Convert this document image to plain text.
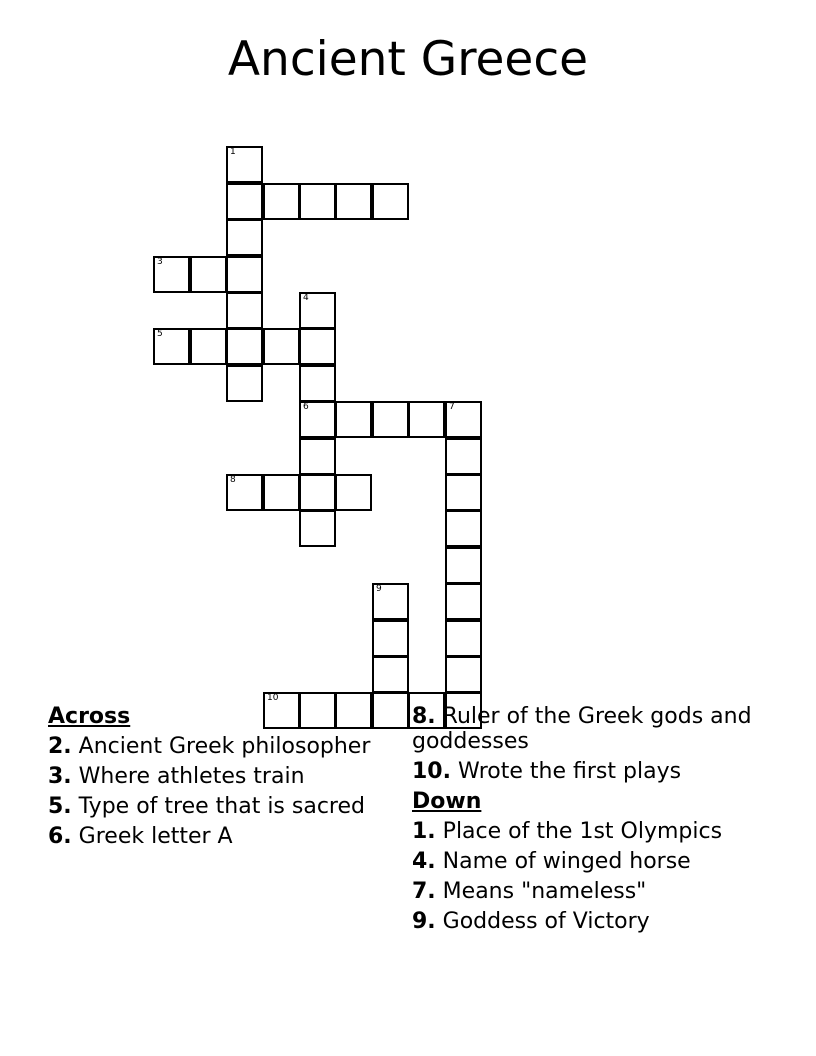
Ancient Greece
1
3
4
5
6	7
8
9
10
Across
2. Ancient Greek philosopher
3. Where athletes train
5. Type of tree that is sacred
6. Greek letter A
8. Ruler of the Greek gods and goddesses
10. Wrote the first plays
Down
1. Place of the 1st Olympics
4. Name of winged horse
7. Means "nameless"
9. Goddess of Victory
